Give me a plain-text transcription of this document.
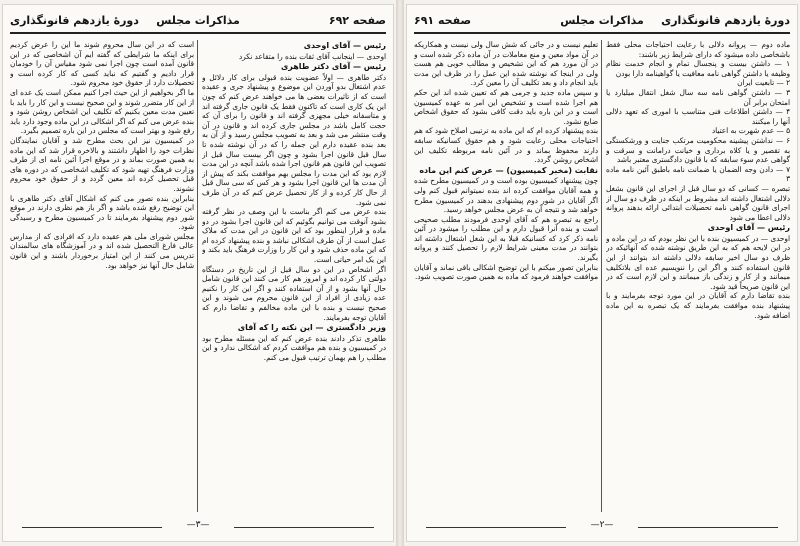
صفحه ۶۹۲
مذاکرات مجلس
دورهٔ یازدهم قانونگذاری
رئیس — آقای اوحدی

اوحدی — اینجانب آقای ثقات بنده را متقاعد نکرد

رئیس — آقای دکتر طاهری

دکتر طاهری — اولاً عضویت بنده قبولی برای کار دلائل و عدم اشتغال بدو آوردن این موضوع و پیشنهاد جری و عقیده است که از تاثیرات بعضی ها می خواهند عرض کنم که چون این یک کاری است که تاکنون فقط یک قانون جاری گرفته اند و متاسفانه خیلی مجهزی گرفته اند و قانون را برای آن که حجت کامل باشد در مجلس جاری کرده اند و قانون در آن وقت منتشر می شد و بعد به تصویب مجلس رسید و از آن به بعد بنده عقیده دارم این جمله را که در آن نوشته شده تا سال قبل قانون اجرا بشود و چون اگر بیست سال قبل از تصویب این قانون هم قانون اجرا شده باشد آنچه در این مدت لازم بود که این مدت را مجلس بهم موافقت بکند که پیش از آن مدت ها این قانون اجرا بشود و هر کس که سی سال قبل از حال کار کرده و از کار تحصیل عرض کنم که در آن طرف نمی شود.

بنده عرض می کنم اگر بناست با این وصف در نظر گرفته بشود آنوقت می توانیم بگوئیم که این قانون اجرا بشود در دو ماده و قرار اینطور بود که این قانون در این مدت که ملاک عمل است از آن طرف اشکالی نباشد و بنده پیشنهاد کرده ام که این ماده حذف شود و این کار را وزارت فرهنگ باید بکند و این یک امر حیاتی است.

اگر اشخاص در این دو سال قبل از این تاریخ در دستگاه دولتی کار کرده اند و امروز هم کار می کنند این قانون شامل حال آنها بشود و از آن استفاده کنند و اگر این کار را نکنیم عده زیادی از افراد از این قانون محروم می شوند و این صحیح نیست و بنده با این ماده مخالفم و تقاضا دارم که آقایان توجه بفرمایند.

وزیر دادگستری — این نکته را که آقای

طاهری تذکر دادند بنده عرض کنم که این مسئله مطرح بود در کمیسیون و بنده هم موافقت کردم که اشکالی ندارد و این مطلب را هم بهمان ترتیب قبول می کنم.

است که در این سال محروم شوند ما این را عرض کردیم برای اینکه ما شرایطی که گفته ایم آن اشخاصی که در این قانون آمده است چون اجرا نمی شود مقیاس آن را خودمان قرار دادیم و گفتیم که نباید کسی که کار کرده است و تحصیلات دارد از حقوق خود محروم شود.

ما اگر بخواهیم از این حیث اجرا کنیم ممکن است یک عده ای از این کار متضرر شوند و این صحیح نیست و این کار را باید با تعیین مدت معین بکنیم که تکلیف این اشخاص روشن شود و بنده عرض می کنم که اگر اشکالی در این ماده وجود دارد باید رفع شود و بهتر است که مجلس در این باره تصمیم بگیرد.

در کمیسیون نیز این بحث مطرح شد و آقایان نمایندگان نظرات خود را اظهار داشتند و بالاخره قرار شد که این ماده به همین صورت بماند و در موقع اجرا آئین نامه ای از طرف وزارت فرهنگ تهیه شود که تکلیف اشخاصی که در دوره های قبل تحصیل کرده اند معین گردد و از حقوق خود محروم نشوند.

بنابراین بنده تصور می کنم که اشکال آقای دکتر طاهری با این توضیح رفع شده باشد و اگر باز هم نظری دارند در موقع شور دوم پیشنهاد بفرمایند تا در کمیسیون مطرح و رسیدگی شود.

مجلس شورای ملی هم عقیده دارد که افرادی که از مدارس عالی فارغ التحصیل شده اند و در آموزشگاه های سالمندان تدریس می کنند از این امتیاز برخوردار باشند و این قانون شامل حال آنها نیز خواهد بود.

—۳—
دورهٔ یازدهم قانونگذاری
مذاکرات مجلس
صفحه ۶۹۱

ماده دوم — پروانه دلالی با رعایت احتیاجات محلی فقط باشخاصی داده میشود که دارای شرایط زیر باشند:

۱ — داشتن بیست و پنجسال تمام و انجام خدمت نظام وظیفه یا داشتن گواهی نامه معافیت یا گواهینامه دارا بودن

۲ — تابعیت ایران

۳ — داشتن گواهی نامه سه سال شغل انتقال میلیارد یا امتحان برابر آن

۴ — داشتن اطلاعات فنی متناسب با اموری که تعهد دلالی آنها را میکنند

۵ — عدم شهرت به اعتیاد

۶ — نداشتن پیشینه محکومیت مرتکب جنایت و ورشکستگی به تقصیر و یا کلاه برداری و خیانت درامانت و سرقت و گواهی عدم سوء سابقه که با قانون دادگستری معتبر باشد

۷ — دادن وجه الضمان یا ضمانت نامه باطبق آئین نامه ماده ۳

تبصره — کسانی که دو سال قبل از اجرای این قانون بشغل دلالی اشتغال داشته اند مشروط بر اینکه در ظرف دو سال از اجرای قانون گواهی نامه تحصیلات ابتدائی ارائه بدهند پروانه دلالی اعطا می شود

رئیس — آقای اوحدی

اوحدی — در کمیسیون بنده با این نظر بودم که در این ماده و در این لایحه هم که به این طریق نوشته شده که آنهائیکه در ظرف دو سال اخیر سابقه دلالی داشته اند بتوانند از این قانون استفاده کنند و اگر این را ننویسیم عده ای بلاتکلیف میمانند و از کار و زندگی باز میمانند و این لازم است که در این قانون صریحاً قید شود.

بنده تقاضا دارم که آقایان در این مورد توجه بفرمایند و با پیشنهاد بنده موافقت بفرمایند که یک تبصره به این ماده اضافه شود.

تعلیم نیست و در جائی که شش سال ولی نیست و همکاریکه در آن مواد معین و منع معاملات در آن ماده ذکر شده است و در آن مورد هم که این تشخیص و مطالب خوبی هم هست ولی در اینجا که نوشته شده این عمل را در ظرف این مدت باید انجام داد و بعد تکلیف آن را معین کرد.

و سپس ماده جدید و جرمی هم که تعیین شده اند این حکم هم اجرا شده است و تشخیص این امر به عهده کمیسیون است و در این باره باید دقت کافی بشود که حقوق اشخاص ضایع نشود.

بنده پیشنهاد کرده ام که این ماده به ترتیبی اصلاح شود که هم احتیاجات محلی رعایت شود و هم حقوق کسانیکه سابقه دارند محفوظ بماند و در آئین نامه مربوطه تکلیف این اشخاص روشن گردد.

نقابت (مخبر کمیسیون) — عرض کنم این ماده

چون پیشنهاد کمیسیون بوده است و در کمیسیون مطرح شده و همه آقایان موافقت کرده اند بنده نمیتوانم قبول کنم ولی اگر آقایان در شور دوم پیشنهادی بدهند در کمیسیون مطرح خواهد شد و نتیجه آن به عرض مجلس خواهد رسید.

راجع به تبصره هم که آقای اوحدی فرمودند مطلب صحیحی است و بنده آنرا قبول دارم و این مطلب را میشود در آئین نامه ذکر کرد که کسانیکه قبلا به این شغل اشتغال داشته اند بتوانند در مدت معینی شرایط لازم را تحصیل کنند و پروانه بگیرند.

بنابراین تصور میکنم با این توضیح اشکالی باقی نماند و آقایان موافقت خواهند فرمود که ماده به همین صورت تصویب شود.

—۲—
